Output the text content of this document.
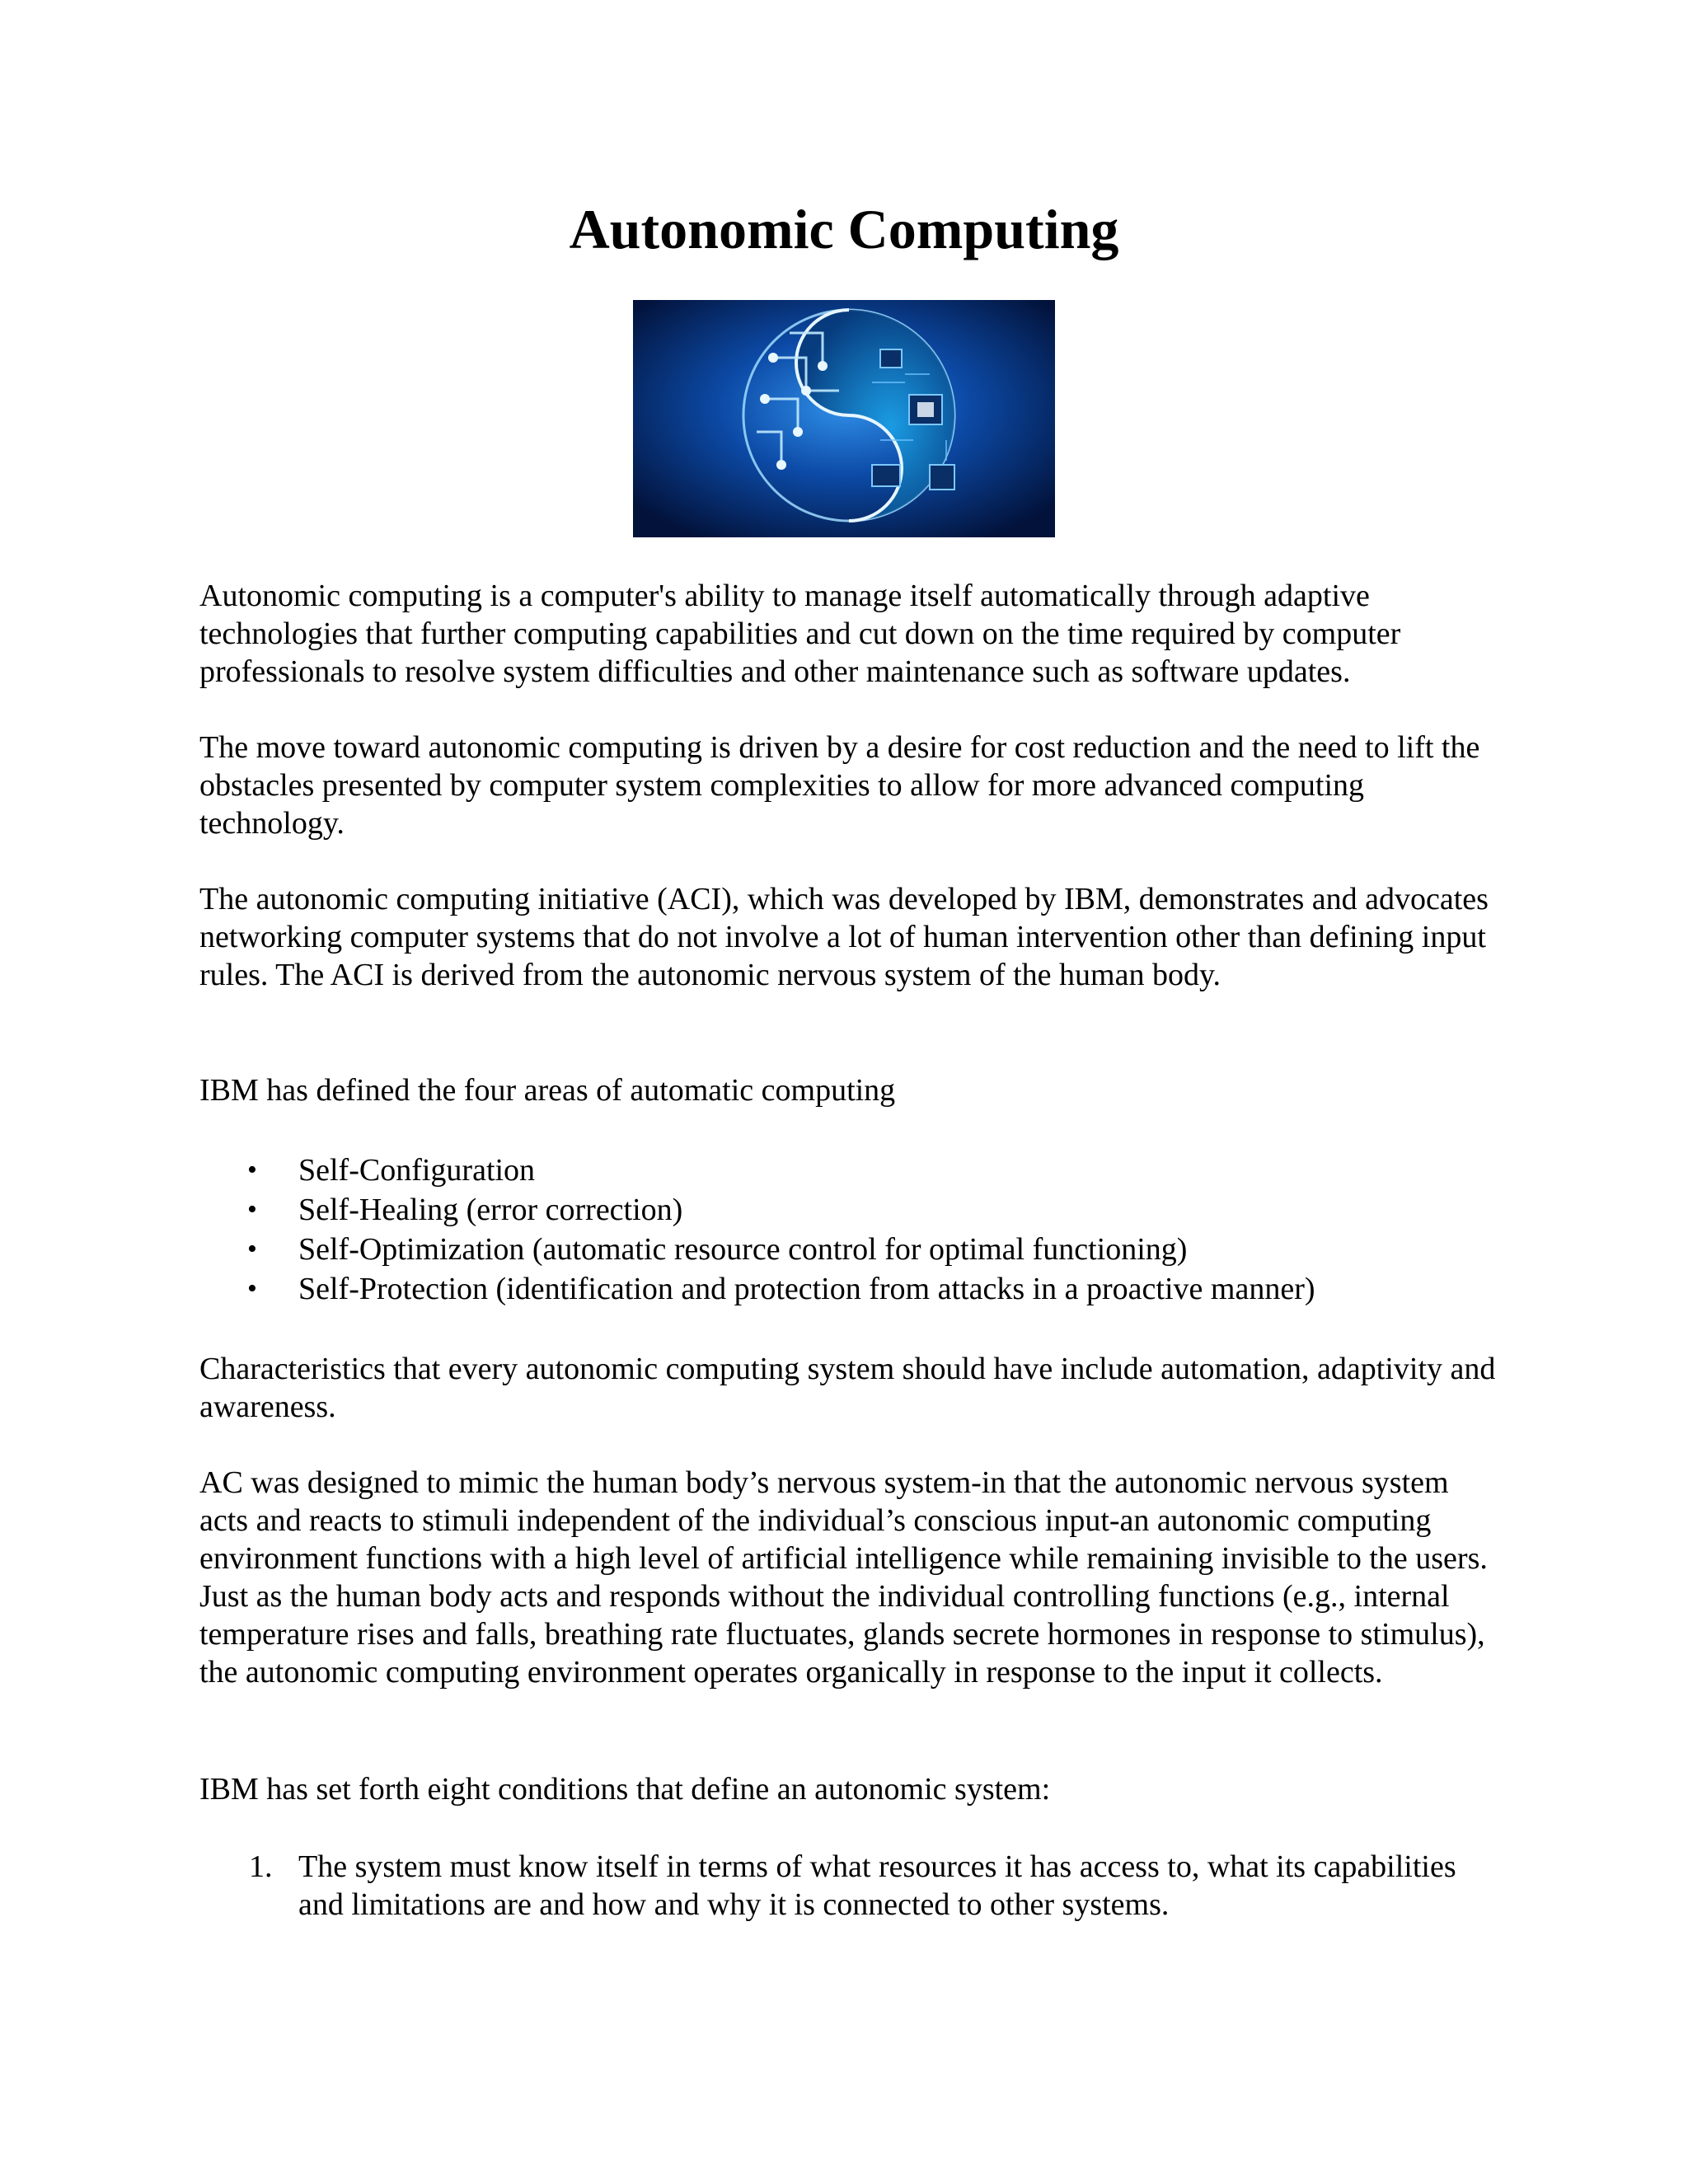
Autonomic Computing

Autonomic computing is a computer's ability to manage itself automatically through adaptive technologies that further computing capabilities and cut down on the time required by computer professionals to resolve system difficulties and other maintenance such as software updates.

The move toward autonomic computing is driven by a desire for cost reduction and the need to lift the obstacles presented by computer system complexities to allow for more advanced computing technology.

The autonomic computing initiative (ACI), which was developed by IBM, demonstrates and advocates networking computer systems that do not involve a lot of human intervention other than defining input rules. The ACI is derived from the autonomic nervous system of the human body.

IBM has defined the four areas of automatic computing

• Self-Configuration
• Self-Healing (error correction)
• Self-Optimization (automatic resource control for optimal functioning)
• Self-Protection (identification and protection from attacks in a proactive manner)

Characteristics that every autonomic computing system should have include automation, adaptivity and awareness.

AC was designed to mimic the human body’s nervous system-in that the autonomic nervous system acts and reacts to stimuli independent of the individual’s conscious input-an autonomic computing environment functions with a high level of artificial intelligence while remaining invisible to the users. Just as the human body acts and responds without the individual controlling functions (e.g., internal temperature rises and falls, breathing rate fluctuates, glands secrete hormones in response to stimulus), the autonomic computing environment operates organically in response to the input it collects.

IBM has set forth eight conditions that define an autonomic system:

1. The system must know itself in terms of what resources it has access to, what its capabilities and limitations are and how and why it is connected to other systems.
